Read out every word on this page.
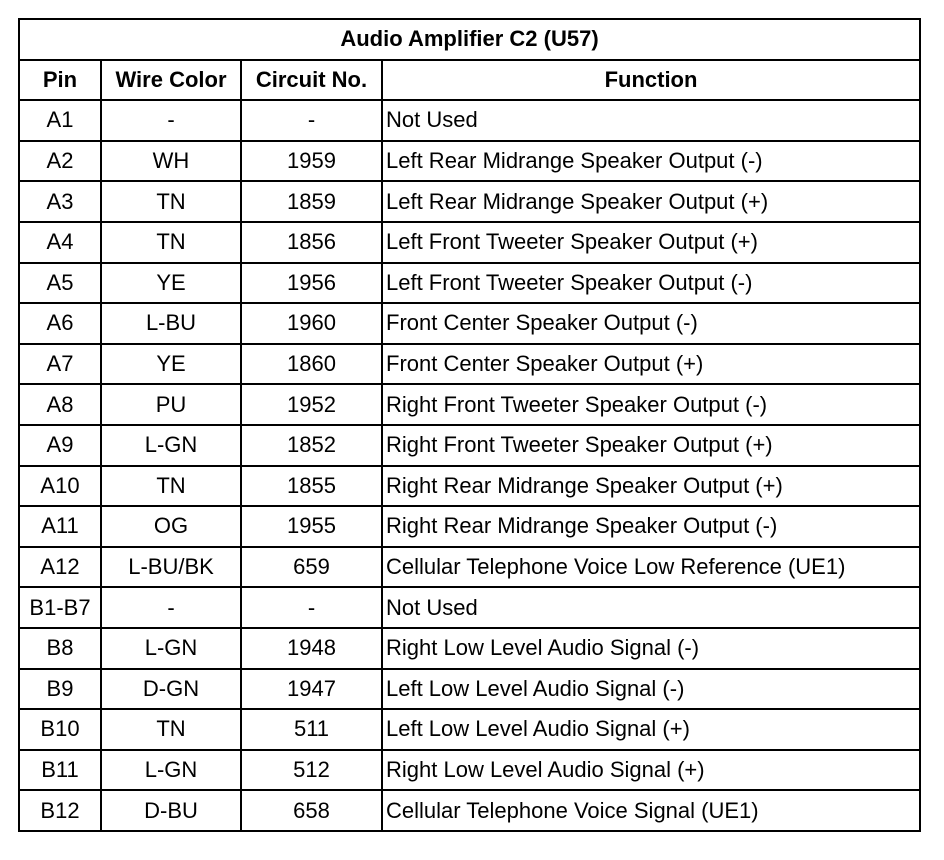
Audio Amplifier C2 (U57)			
Pin	Wire Color	Circuit No.	Function
A1	-	-	Not Used
A2	WH	1959	Left Rear Midrange Speaker Output (-)
A3	TN	1859	Left Rear Midrange Speaker Output (+)
A4	TN	1856	Left Front Tweeter Speaker Output (+)
A5	YE	1956	Left Front Tweeter Speaker Output (-)
A6	L-BU	1960	Front Center Speaker Output (-)
A7	YE	1860	Front Center Speaker Output (+)
A8	PU	1952	Right Front Tweeter Speaker Output (-)
A9	L-GN	1852	Right Front Tweeter Speaker Output (+)
A10	TN	1855	Right Rear Midrange Speaker Output (+)
A11	OG	1955	Right Rear Midrange Speaker Output (-)
A12	L-BU/BK	659	Cellular Telephone Voice Low Reference (UE1)
B1-B7	-	-	Not Used
B8	L-GN	1948	Right Low Level Audio Signal (-)
B9	D-GN	1947	Left Low Level Audio Signal (-)
B10	TN	511	Left Low Level Audio Signal (+)
B11	L-GN	512	Right Low Level Audio Signal (+)
B12	D-BU	658	Cellular Telephone Voice Signal (UE1)
